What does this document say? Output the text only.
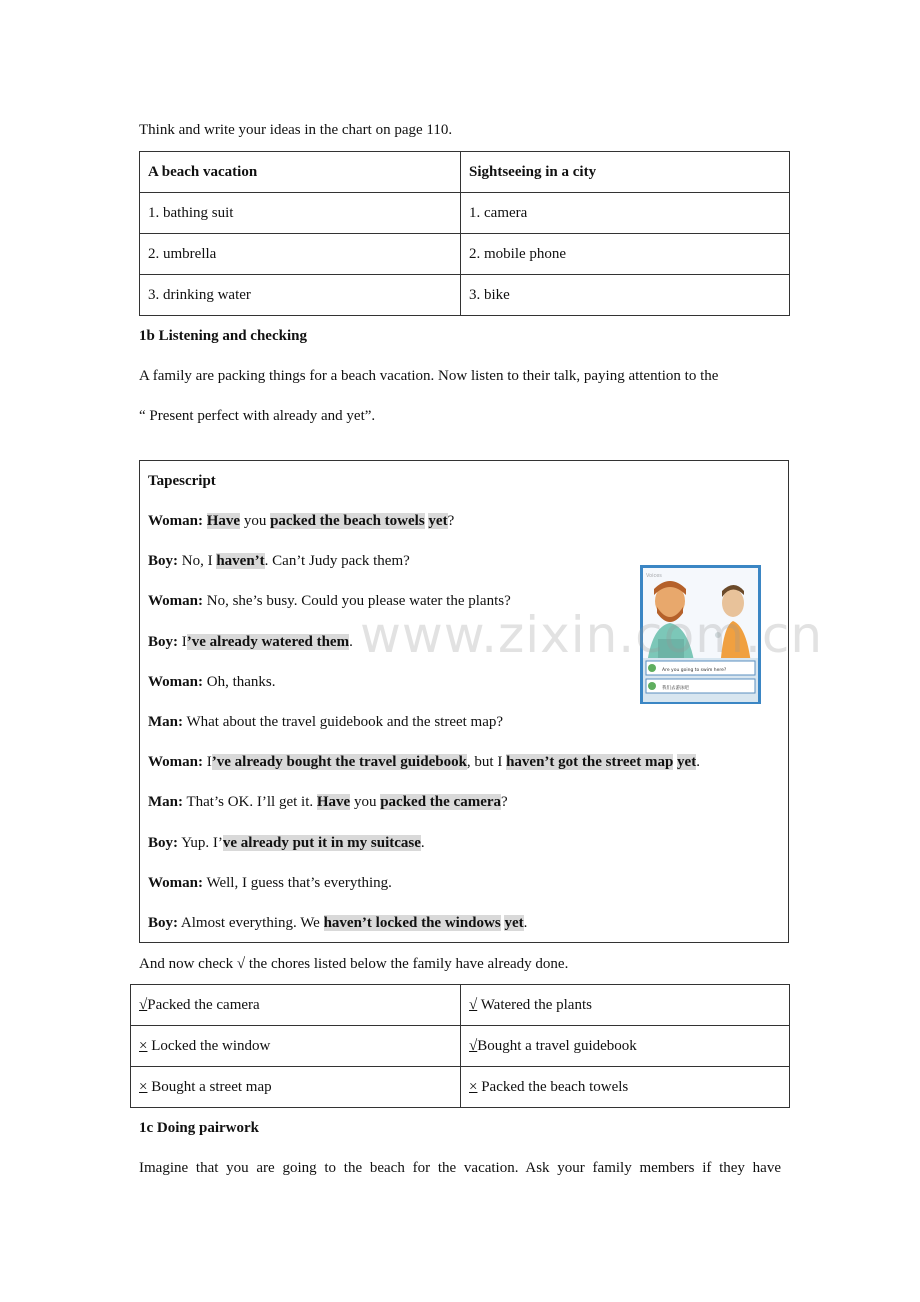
Think and write your ideas in the chart on page 110.
A beach vacation	Sightseeing in a city
1. bathing suit	1. camera
2. umbrella	2. mobile phone
3. drinking water	3. bike
1b Listening and checking
A family are packing things for a beach vacation. Now listen to their talk, paying attention to the
“ Present perfect with already and yet”.
Tapescript
Woman: Have you packed the beach towels yet?
Boy: No, I haven’t. Can’t Judy pack them?
Woman: No, she’s busy. Could you please water the plants?
Boy: I’ve already watered them.
Woman: Oh, thanks.
Man: What about the travel guidebook and the street map?
Woman: I’ve already bought the travel guidebook, but I haven’t got the street map yet.
Man: That’s OK. I’ll get it. Have you packed the camera?
Boy: Yup. I’ve already put it in my suitcase.
Woman: Well, I guess that’s everything.
Boy: Almost everything. We haven’t locked the windows yet.
Are you going to swim here?
我们去游泳吧
www.zixin.com.cn
And now check √ the chores listed below the family have already done.
√Packed the camera	√ Watered the plants
× Locked the window	√Bought a travel guidebook
× Bought a street map	× Packed the beach towels
1c Doing pairwork
Imagine that you are going to the beach for the vacation. Ask your family members if they have
